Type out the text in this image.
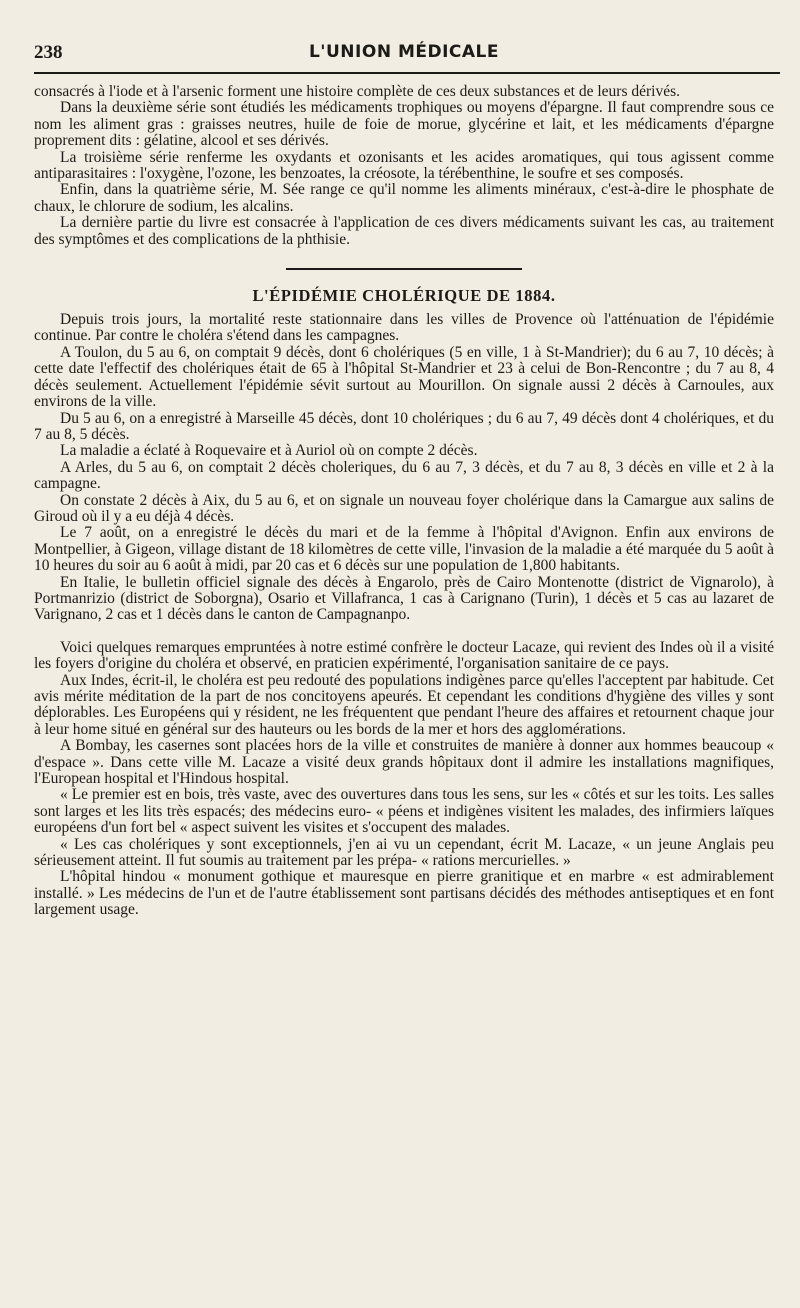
238	L'UNION MÉDICALE

consacrés à l'iode et à l'arsenic forment une histoire complète de ces deux substances et de leurs dérivés.

Dans la deuxième série sont étudiés les médicaments trophiques ou moyens d'épargne. Il faut comprendre sous ce nom les aliment gras : graisses neutres, huile de foie de morue, glycérine et lait, et les médicaments d'épargne proprement dits : gélatine, alcool et ses dérivés.

La troisième série renferme les oxydants et ozonisants et les acides aromatiques, qui tous agissent comme antiparasitaires : l'oxygène, l'ozone, les benzoates, la créosote, la térébenthine, le soufre et ses composés.

Enfin, dans la quatrième série, M. Sée range ce qu'il nomme les aliments minéraux, c'est-à-dire le phosphate de chaux, le chlorure de sodium, les alcalins.

La dernière partie du livre est consacrée à l'application de ces divers médicaments suivant les cas, au traitement des symptômes et des complications de la phthisie.

L'ÉPIDÉMIE CHOLÉRIQUE DE 1884.

Depuis trois jours, la mortalité reste stationnaire dans les villes de Provence où l'atténuation de l'épidémie continue. Par contre le choléra s'étend dans les campagnes.

A Toulon, du 5 au 6, on comptait 9 décès, dont 6 cholériques (5 en ville, 1 à St-Mandrier); du 6 au 7, 10 décès; à cette date l'effectif des cholériques était de 65 à l'hôpital St-Mandrier et 23 à celui de Bon-Rencontre ; du 7 au 8, 4 décès seulement. Actuellement l'épidémie sévit surtout au Mourillon. On signale aussi 2 décès à Carnoules, aux environs de la ville.

Du 5 au 6, on a enregistré à Marseille 45 décès, dont 10 cholériques ; du 6 au 7, 49 décès dont 4 cholériques, et du 7 au 8, 5 décès.

La maladie a éclaté à Roquevaire et à Auriol où on compte 2 décès.

A Arles, du 5 au 6, on comptait 2 décès choleriques, du 6 au 7, 3 décès, et du 7 au 8, 3 décès en ville et 2 à la campagne.

On constate 2 décès à Aix, du 5 au 6, et on signale un nouveau foyer cholérique dans la Camargue aux salins de Giroud où il y a eu déjà 4 décès.

Le 7 août, on a enregistré le décès du mari et de la femme à l'hôpital d'Avignon. Enfin aux environs de Montpellier, à Gigeon, village distant de 18 kilomètres de cette ville, l'invasion de la maladie a été marquée du 5 août à 10 heures du soir au 6 août à midi, par 20 cas et 6 décès sur une population de 1,800 habitants.

En Italie, le bulletin officiel signale des décès à Engarolo, près de Cairo Montenotte (district de Vignarolo), à Portmanrizio (district de Soborgna), Osario et Villafranca, 1 cas à Carignano (Turin), 1 décès et 5 cas au lazaret de Varignano, 2 cas et 1 décès dans le canton de Campagnanpo.

Voici quelques remarques empruntées à notre estimé confrère le docteur Lacaze, qui revient des Indes où il a visité les foyers d'origine du choléra et observé, en praticien expérimenté, l'organisation sanitaire de ce pays.

Aux Indes, écrit-il, le choléra est peu redouté des populations indigènes parce qu'elles l'acceptent par habitude. Cet avis mérite méditation de la part de nos concitoyens apeurés. Et cependant les conditions d'hygiène des villes y sont déplorables. Les Européens qui y résident, ne les fréquentent que pendant l'heure des affaires et retournent chaque jour à leur home situé en général sur des hauteurs ou les bords de la mer et hors des agglomérations.

A Bombay, les casernes sont placées hors de la ville et construites de manière à donner aux hommes beaucoup « d'espace ». Dans cette ville M. Lacaze a visité deux grands hôpitaux dont il admire les installations magnifiques, l'European hospital et l'Hindous hospital.

« Le premier est en bois, très vaste, avec des ouvertures dans tous les sens, sur les « côtés et sur les toits. Les salles sont larges et les lits très espacés; des médecins euro- « péens et indigènes visitent les malades, des infirmiers laïques européens d'un fort bel « aspect suivent les visites et s'occupent des malades.

« Les cas cholériques y sont exceptionnels, j'en ai vu un cependant, écrit M. Lacaze, « un jeune Anglais peu sérieusement atteint. Il fut soumis au traitement par les prépa- « rations mercurielles. »

L'hôpital hindou « monument gothique et mauresque en pierre granitique et en marbre « est admirablement installé. » Les médecins de l'un et de l'autre établissement sont partisans décidés des méthodes antiseptiques et en font largement usage.
